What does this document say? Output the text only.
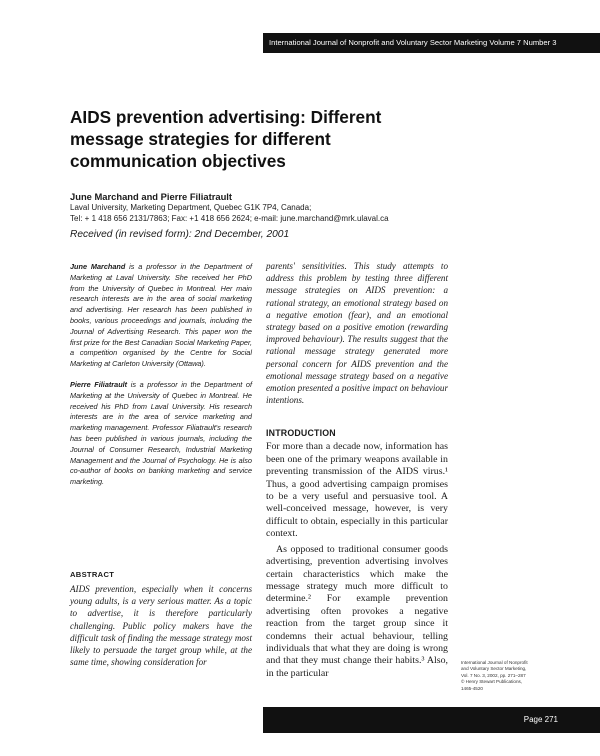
International Journal of Nonprofit and Voluntary Sector Marketing Volume 7 Number 3
AIDS prevention advertising: Different message strategies for different communication objectives
June Marchand and Pierre Filiatrault
Laval University, Marketing Department, Quebec G1K 7P4, Canada;
Tel: + 1 418 656 2131/7863; Fax: +1 418 656 2624; e-mail: june.marchand@mrk.ulaval.ca
Received (in revised form): 2nd December, 2001

June Marchand is a professor in the Department of Marketing at Laval University. She received her PhD from the University of Quebec in Montreal. Her main research interests are in the area of social marketing and advertising. Her research has been published in books, various proceedings and journals, including the Journal of Advertising Research. This paper won the first prize for the Best Canadian Social Marketing Paper, a competition organised by the Centre for Social Marketing at Carleton University (Ottawa).

Pierre Filiatrault is a professor in the Department of Marketing at the University of Quebec in Montreal. He received his PhD from Laval University. His research interests are in the area of service marketing and marketing management. Professor Filiatrault's research has been published in various journals, including the Journal of Consumer Research, Industrial Marketing Management and the Journal of Psychology. He is also co-author of books on banking marketing and service marketing.

ABSTRACT

AIDS prevention, especially when it concerns young adults, is a very serious matter. As a topic to advertise, it is therefore particularly challenging. Public policy makers have the difficult task of finding the message strategy most likely to persuade the target group while, at the same time, showing consideration for

parents' sensitivities. This study attempts to address this problem by testing three different message strategies on AIDS prevention: a rational strategy, an emotional strategy based on a negative emotion (fear), and an emotional strategy based on a positive emotion (rewarding improved behaviour). The results suggest that the rational message strategy generated more personal concern for AIDS prevention and the emotional message strategy based on a negative emotion presented a positive impact on behaviour intentions.

INTRODUCTION

For more than a decade now, information has been one of the primary weapons available in preventing transmission of the AIDS virus.¹ Thus, a good advertising campaign promises to be a very useful and persuasive tool. A well-conceived message, however, is very difficult to obtain, especially in this particular context.

As opposed to traditional consumer goods advertising, prevention advertising involves certain characteristics which make the message strategy much more difficult to determine.² For example prevention advertising often provokes a negative reaction from the target group since it condemns their actual behaviour, telling individuals that what they are doing is wrong and that they must change their habits.³ Also, in the particular

International Journal of Nonprofit
and Voluntary Sector Marketing,
Vol. 7 No. 3, 2002, pp. 271–287
© Henry Stewart Publications,
1465-4520
Page 271
